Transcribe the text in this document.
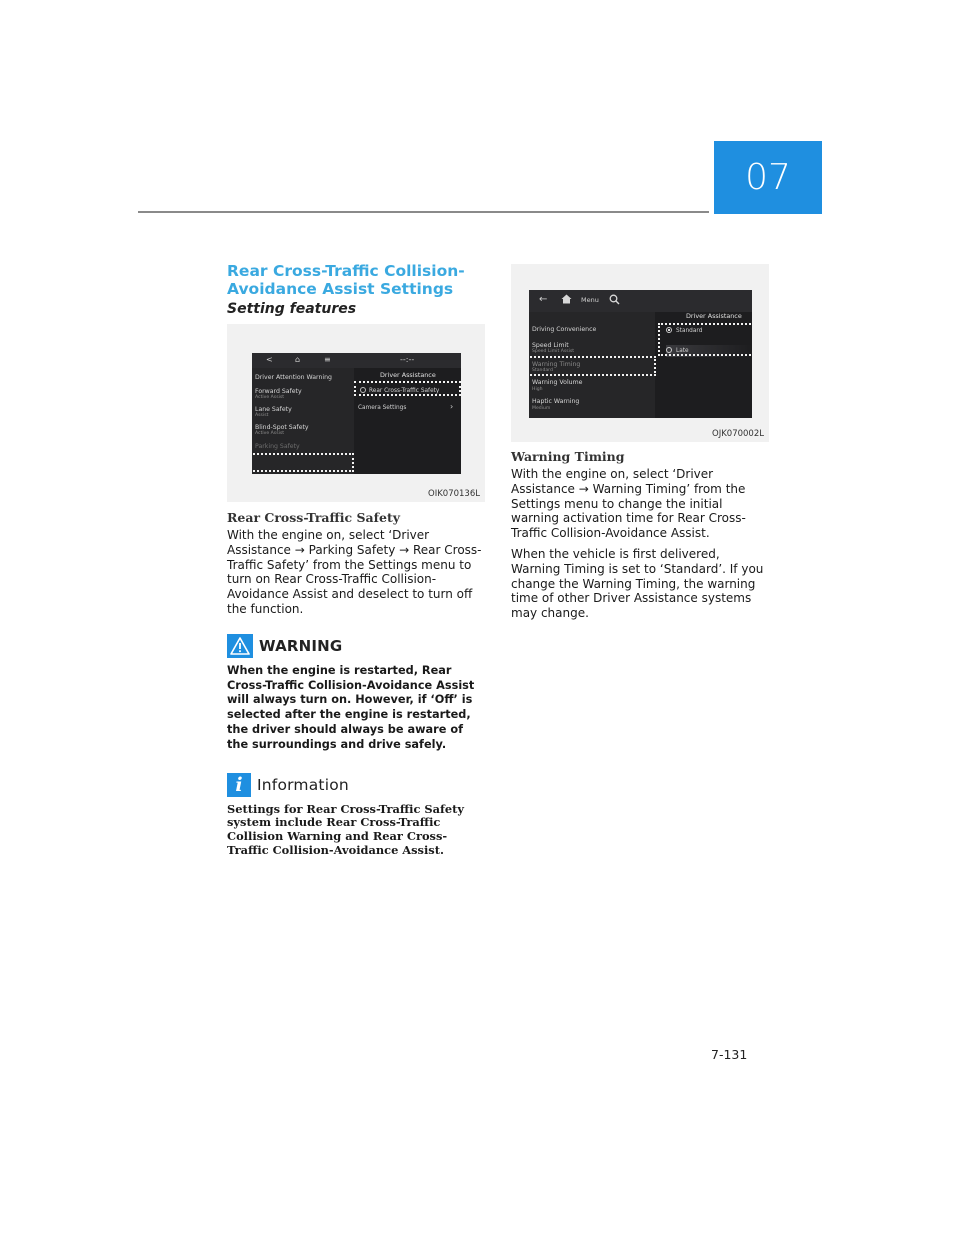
07
Rear Cross-Traffic Collision-
Avoidance Assist Settings
Setting features
<	⌂	≡	--:--
Driver Attention Warning
Forward Safety
Active Assist
Lane Safety
Assist
Blind-Spot Safety
Active Assist
Parking Safety
Driver Assistance
Rear Cross-Traffic Safety
Camera Settings	›
OIK070136L
Rear Cross-Traffic Safety
With the engine on, select ‘Driver Assistance → Parking Safety → Rear Cross-Traffic Safety’ from the Settings menu to turn on Rear Cross-Traffic Collision-Avoidance Assist and deselect to turn off the function.
WARNING
When the engine is restarted, Rear Cross-Traffic Collision-Avoidance Assist will always turn on. However, if ‘Off’ is selected after the engine is restarted, the driver should always be aware of the surroundings and drive safely.
i Information
Settings for Rear Cross-Traffic Safety system include Rear Cross-Traffic Collision Warning and Rear Cross-Traffic Collision-Avoidance Assist.
←	Menu
Driving Convenience
Speed Limit
Speed Limit Assist
Warning Timing
Standard
Warning Volume
High
Haptic Warning
Medium
Driver Assistance
Standard
Late
OJK070002L
Warning Timing
With the engine on, select ‘Driver Assistance → Warning Timing’ from the Settings menu to change the initial warning activation time for Rear Cross-Traffic Collision-Avoidance Assist.
When the vehicle is first delivered, Warning Timing is set to ‘Standard’. If you change the Warning Timing, the warning time of other Driver Assistance systems may change.
7-131
